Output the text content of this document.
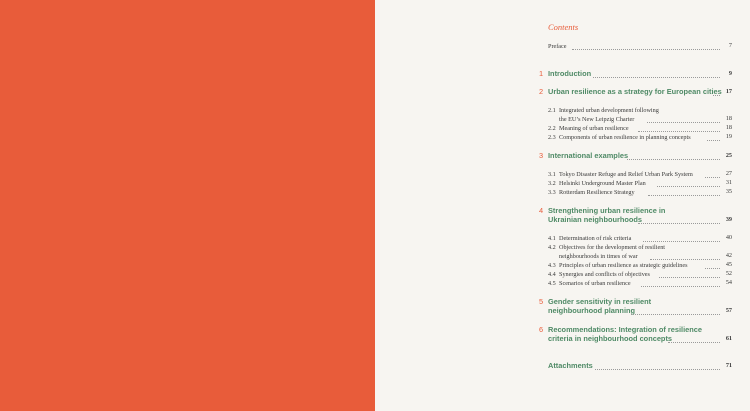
Contents
Preface	7
1 Introduction	9
2 Urban resilience as a strategy for European cities 17
2.1 Integrated urban development following
the EU’s New Leipzig Charter	18
2.2 Meaning of urban resilience	18
2.3 Components of urban resilience in planning concepts	19
3 International examples	25
3.1 Tokyo Disaster Refuge and Relief Urban Park System	27
3.2 Helsinki Underground Master Plan	31
3.3 Rotterdam Resilience Strategy	35
4 Strengthening urban resilience in
Ukrainian neighbourhoods	39
4.1 Determination of risk criteria	40
4.2 Objectives for the development of resilient
neighbourhoods in times of war	42
4.3 Principles of urban resilience as strategic guidelines	45
4.4 Synergies and conflicts of objectives	52
4.5 Scenarios of urban resilience	54
5 Gender sensitivity in resilient
neighbourhood planning	57
6 Recommendations: Integration of resilience
criteria in neighbourhood concepts	61
Attachments	71
